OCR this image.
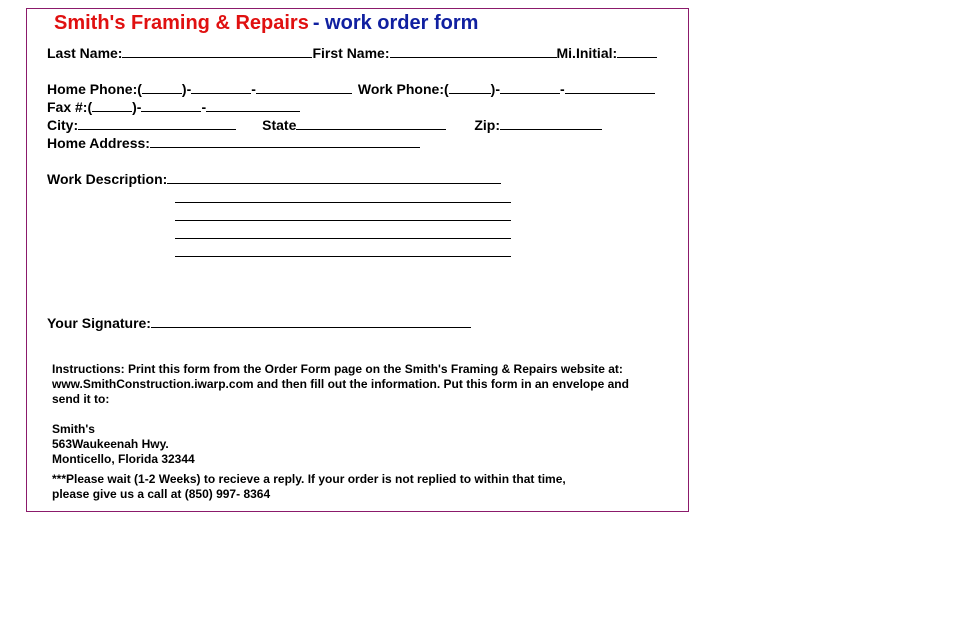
Smith's Framing & Repairs - work order form
Last Name:	First Name:	Mi.Initial:
Home Phone:(	)-	-	Work Phone:(	)-	-
Fax #:(	)-	-
City:	State	Zip:
Home Address:
Work Description:
Your Signature:
Instructions: Print this form from the Order Form page on the Smith's Framing & Repairs website at:
www.SmithConstruction.iwarp.com and then fill out the information. Put this form in an envelope and
send it to:
Smith's
563Waukeenah Hwy.
Monticello, Florida 32344
***Please wait (1-2 Weeks) to recieve a reply. If your order is not replied to within that time,
please give us a call at (850) 997- 8364
